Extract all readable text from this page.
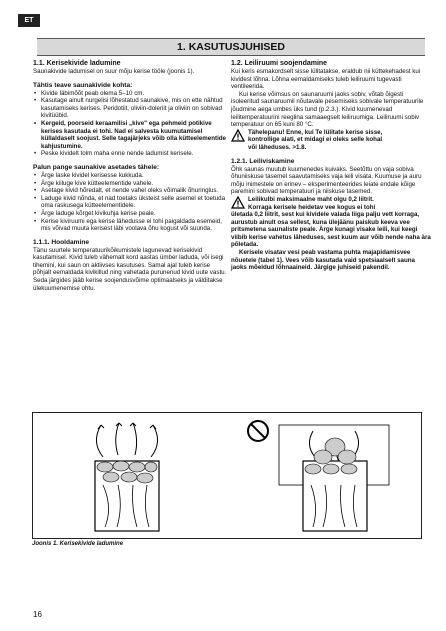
ET
1. KASUTUSJUHISED
1.1. Kerisekivide ladumine

Saunakivide ladumisel on suur mõju kerise tööle (joonis 1).

Tähtis teave saunakivide kohta:
• Kivide läbimõõt peab olema 5–10 cm.
• Kasutage ainult nurgelisi lõhestatud saunakive, mis on ette nähtud kasutamiseks kerises. Peridotiit, oliviin-doleriit ja oliviin on sobivad kivitüübid.
• Kergeid, poorseid keraamilisi „kive" ega pehmeid potikive kerises kasutada ei tohi. Nad ei salvesta kuumutamisel küllaldaselt soojust. Selle tagajärjeks võib olla kütteelementide kahjustumine.
• Peske kividelt tolm maha enne nende ladumist kerisele.
Palun pange saunakive asetades tähele:
• Ärge laske kividel kerisesse kukkuda.
• Ärge kiiluge kive kütteelementide vahele.
• Asetage kivid hõredalt, et nende vahel oleks võimalik õhuringlus.
• Laduge kivid nõnda, et nad toetaks üksteist selle asemel et toetuda oma raskusega kütteelementidele.
• Ärge laduge kõrget kivikuhja kerise peale.
• Kerise kiviruumi ega kerise lähedusse ei tohi paigaldada esemeid, mis võivad muuta kerisest läbi voolava õhu kogust või suunda.
1.1.1. Hooldamine

Tänu suurtele temperatuurikõikumistele lagunevad kerisekivid kasutamisel. Kivid tuleb vähemalt kord aastas ümber laduda, või isegi tihemini, kui saun on aktiivses kasutuses. Samal ajal tuleb kerise põhjalt eemaldada kivikillud ning vahetada purunenud kivid uute vastu. Seda järgides jääb kerise soojendusvõime optimaalseks ja välditakse ülekuumenemise ohtu.

1.2. Leiliruumi soojendamine

Kui keris esmakordselt sisse lülitatakse, eraldub nii küttekehadest kui kividest lõhna. Lõhna eemaldamiseks tuleb leiliruumi tugevasti ventileerida.

Kui kerise võimsus on saunaruumi jaoks sobiv, võtab õigesti isoleeritud saunaruumil nõutavale pesemiseks sobivale temperatuurile jõudmine aega umbes üks tund (p.2.3.). Kivid kuumenevad leilitemperatuurini reeglina samaaegselt leiliruumiga. Leiliruumi sobiv temperatuur on 65 kuni 80 °C.

Tähelepanu! Enne, kui Te lülitate kerise sisse,

kontrollige alati, et midagi ei oleks selle kohal

või läheduses. >1.8.

1.2.1. Leiliviskamine

Õhk saunas muutub kuumenedes kuivaks. Seetõttu on vaja sobiva õhuniiskuse tasemel saavutamiseks vaja leili visata. Kuumuse ja auru mõju inimestele on erinev – eksperimenteerides leiate endale kõige paremini sobivad temperatuuri ja niiskuse tasemed.

Leilikulbi maksimaalne maht olgu 0,2 liitrit.

Korraga kerisele heidetav vee kogus ei tohi

ületada 0,2 liitrit, sest kui kividele valada liiga palju vett korraga, aurustub ainult osa sellest, kuna ülejäänu paiskub keeva vee pritsmetena saunaliste peale. Ärge kunagi visake leili, kui keegi viibib kerise vahetus läheduses, sest kuum aur võib nende naha ära põletada.

Kerisele visatav vesi peab vastama puhta majapidamisvee nõuetele (tabel 1). Vees võib kasutada vaid spetsiaalselt sauna jaoks mõeldud lõhnaaineid. Järgige juhiseid pakendil.

Joonis 1. Kerisekivide ladumine
16
